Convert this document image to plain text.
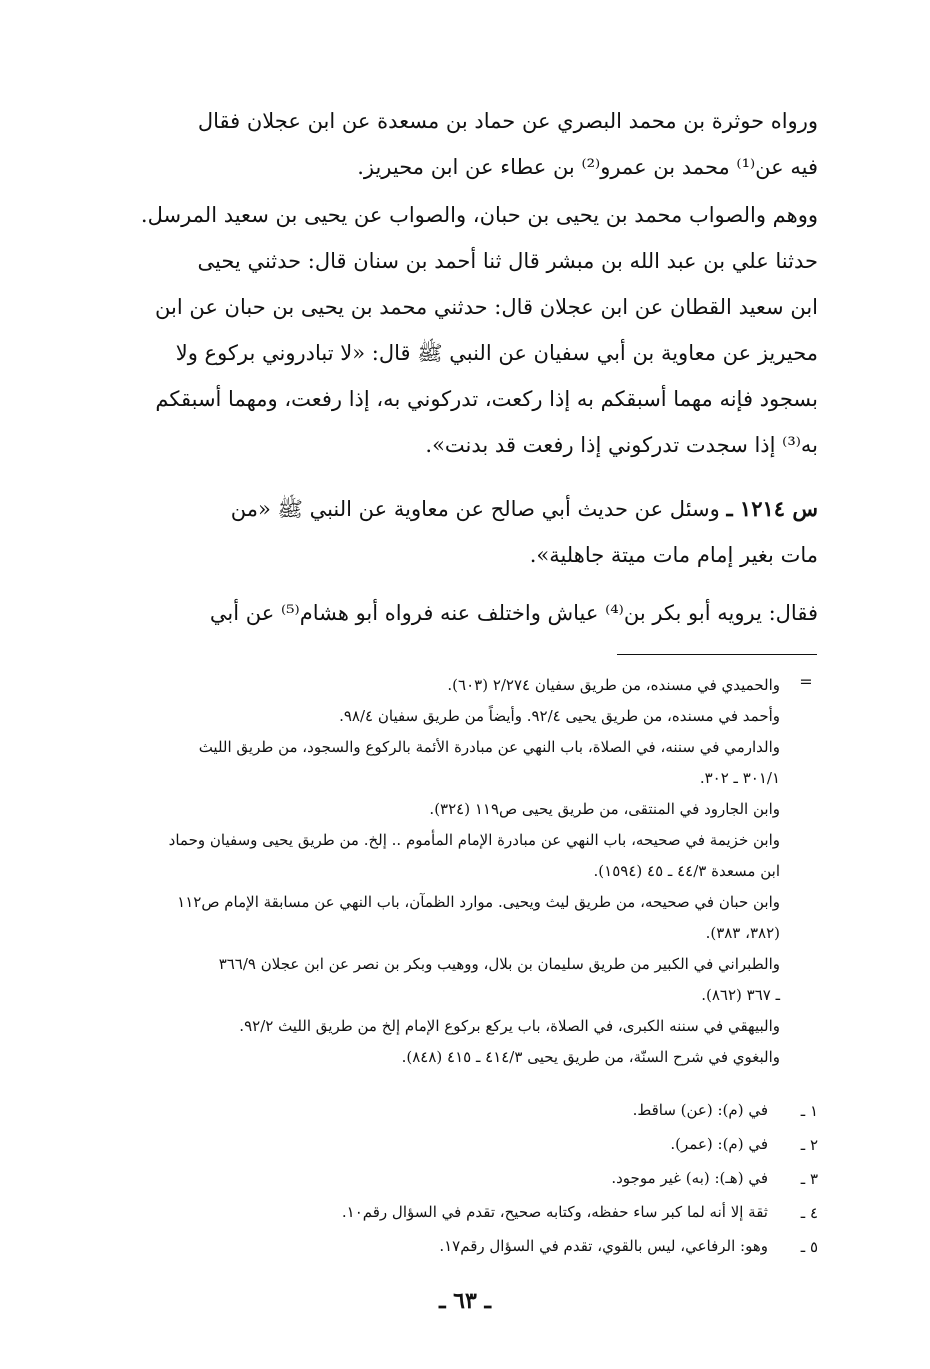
ورواه حوثرة بن محمد البصري عن حماد بن مسعدة عن ابن عجلان فقال
فيه عن⁽¹⁾ محمد بن عمرو⁽²⁾ بن عطاء عن ابن محيريز.
ووهم والصواب محمد بن يحيى بن حبان، والصواب عن يحيى بن سعيد المرسل.
حدثنا علي بن عبد الله بن مبشر قال ثنا أحمد بن سنان قال: حدثني يحيى
ابن سعيد القطان عن ابن عجلان قال: حدثني محمد بن يحيى بن حبان عن ابن
محيريز عن معاوية بن أبي سفيان عن النبي ﷺ قال: «لا تبادروني بركوع ولا
بسجود فإنه مهما أسبقكم به إذا ركعت، تدركوني به، إذا رفعت، ومهما أسبقكم
به⁽³⁾ إذا سجدت تدركوني إذا رفعت قد بدنت».
س ١٢١٤ ـ وسئل عن حديث أبي صالح عن معاوية عن النبي ﷺ «من
مات بغير إمام مات ميتة جاهلية».
فقال: يرويه أبو بكر بن⁽⁴⁾ عياش واختلف عنه فرواه أبو هشام⁽⁵⁾ عن أبي
=
والحميدي في مسنده، من طريق سفيان ٢/٢٧٤ (٦٠٣).
وأحمد في مسنده، من طريق يحيى ٩٢/٤. وأيضاً من طريق سفيان ٩٨/٤.
والدارمي في سننه، في الصلاة، باب النهي عن مبادرة الأئمة بالركوع والسجود، من طريق الليث
٣٠١/١ ـ ٣٠٢.
وابن الجارود في المنتقى، من طريق يحيى ص١١٩ (٣٢٤).
وابن خزيمة في صحيحه، باب النهي عن مبادرة الإمام المأموم .. إلخ. من طريق يحيى وسفيان وحماد
ابن مسعدة ٤٤/٣ ـ ٤٥ (١٥٩٤).
وابن حبان في صحيحه، من طريق ليث ويحيى. موارد الظمآن، باب النهي عن مسابقة الإمام ص١١٢
(٣٨٢، ٣٨٣).
والطبراني في الكبير من طريق سليمان بن بلال، ووهيب وبكر بن نصر عن ابن عجلان ٣٦٦/٩
ـ ٣٦٧ (٨٦٢).
والبيهقي في سننه الكبرى، في الصلاة، باب يركع بركوع الإمام إلخ من طريق الليث ٩٢/٢.
والبغوي في شرح السنّة، من طريق يحيى ٤١٤/٣ ـ ٤١٥ (٨٤٨).
١ ـ
في (م): (عن) ساقط.
٢ ـ
في (م): (عمر).
٣ ـ
في (هـ): (به) غير موجود.
٤ ـ
ثقة إلا أنه لما كبر ساء حفظه، وكتابه صحيح، تقدم في السؤال رقم١٠.
٥ ـ
وهو: الرفاعي، ليس بالقوي، تقدم في السؤال رقم١٧.
ـ ٦٣ ـ
